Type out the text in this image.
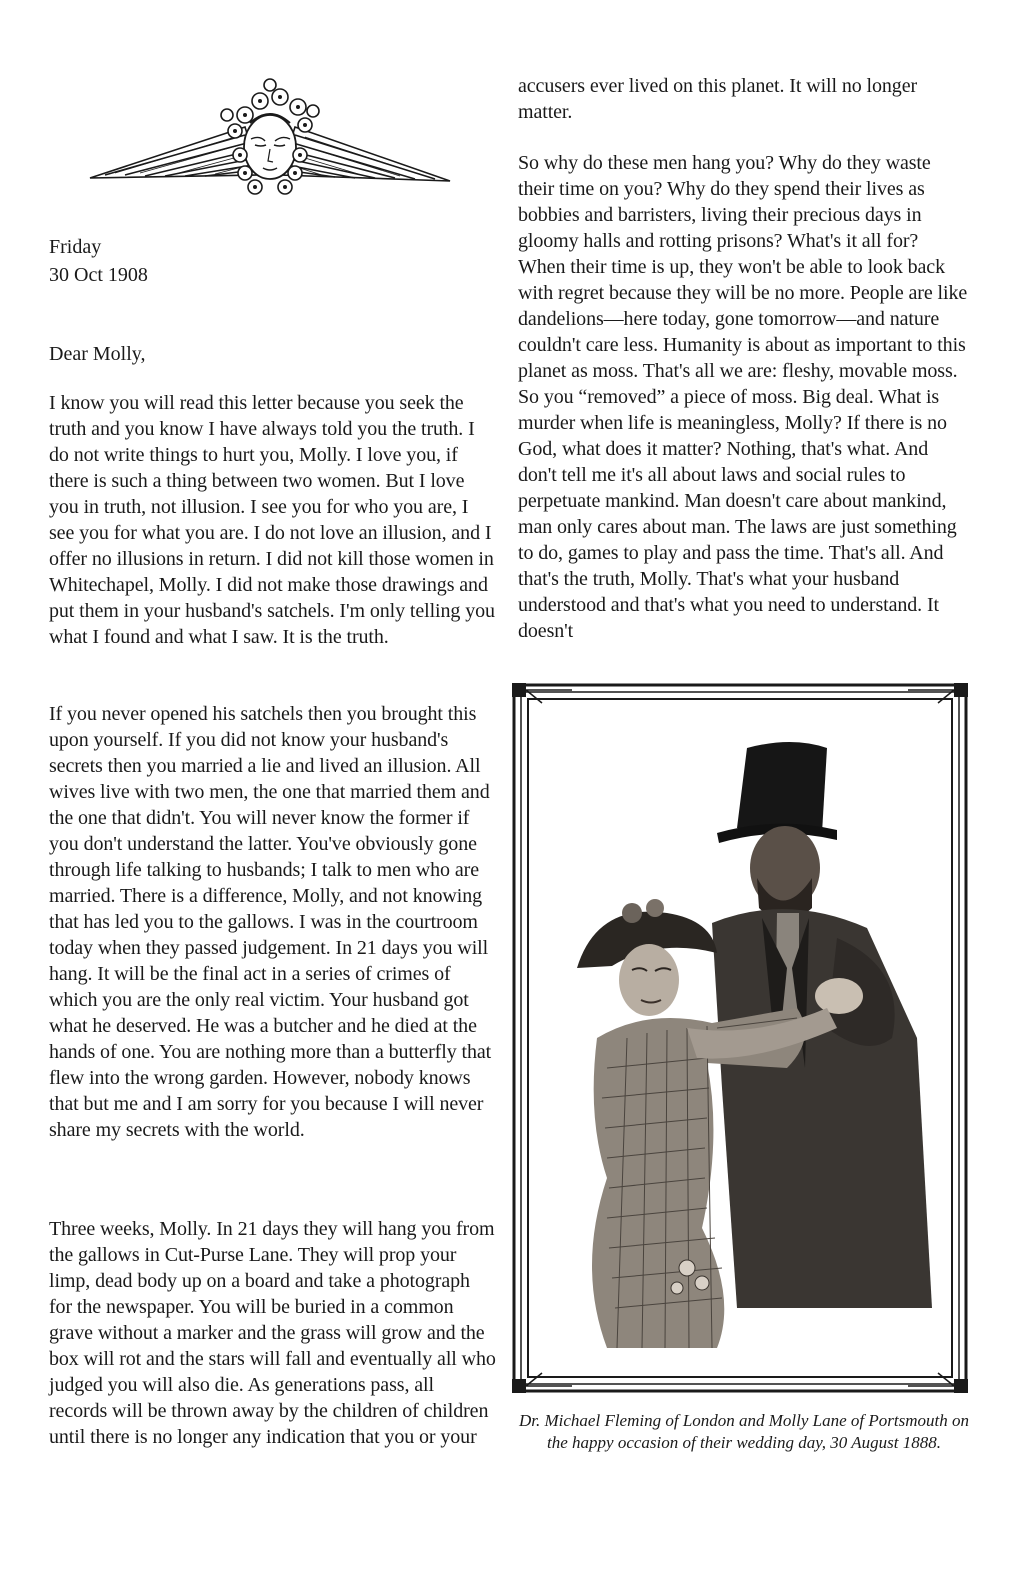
Friday
30 Oct 1908
Dear Molly,

I know you will read this letter because you seek the truth and you know I have always told you the truth. I do not write things to hurt you, Molly. I love you, if there is such a thing between two women. But I love you in truth, not illusion. I see you for who you are, I see you for what you are. I do not love an illusion, and I offer no illusions in return. I did not kill those women in Whitechapel, Molly. I did not make those drawings and put them in your husband's satchels. I'm only telling you what I found and what I saw. It is the truth.

If you never opened his satchels then you brought this upon yourself. If you did not know your husband's secrets then you married a lie and lived an illusion. All wives live with two men, the one that married them and the one that didn't. You will never know the former if you don't understand the latter. You've obviously gone through life talking to husbands; I talk to men who are married. There is a difference, Molly, and not knowing that has led you to the gallows. I was in the courtroom today when they passed judgement. In 21 days you will hang. It will be the final act in a series of crimes of which you are the only real victim. Your husband got what he deserved. He was a butcher and he died at the hands of one. You are nothing more than a butterfly that flew into the wrong garden. However, nobody knows that but me and I am sorry for you because I will never share my secrets with the world.

Three weeks, Molly. In 21 days they will hang you from the gallows in Cut-Purse Lane. They will prop your limp, dead body up on a board and take a photograph for the newspaper. You will be buried in a common grave without a marker and the grass will grow and the box will rot and the stars will fall and eventually all who judged you will also die. As generations pass, all records will be thrown away by the children of children until there is no longer any indication that you or your

accusers ever lived on this planet. It will no longer matter.

So why do these men hang you? Why do they waste their time on you? Why do they spend their lives as bobbies and barristers, living their precious days in gloomy halls and rotting prisons? What's it all for? When their time is up, they won't be able to look back with regret because they will be no more. People are like dandelions—here today, gone tomorrow—and nature couldn't care less. Humanity is about as important to this planet as moss. That's all we are: fleshy, movable moss. So you “removed” a piece of moss. Big deal. What is murder when life is meaningless, Molly? If there is no God, what does it matter? Nothing, that's what. And don't tell me it's all about laws and social rules to perpetuate mankind. Man doesn't care about mankind, man only cares about man. The laws are just something to do, games to play and pass the time. That's all. And that's the truth, Molly. That's what your husband understood and that's what you need to understand. It doesn't

Dr. Michael Fleming of London and Molly Lane of Portsmouth on the happy occasion of their wedding day, 30 August 1888.
